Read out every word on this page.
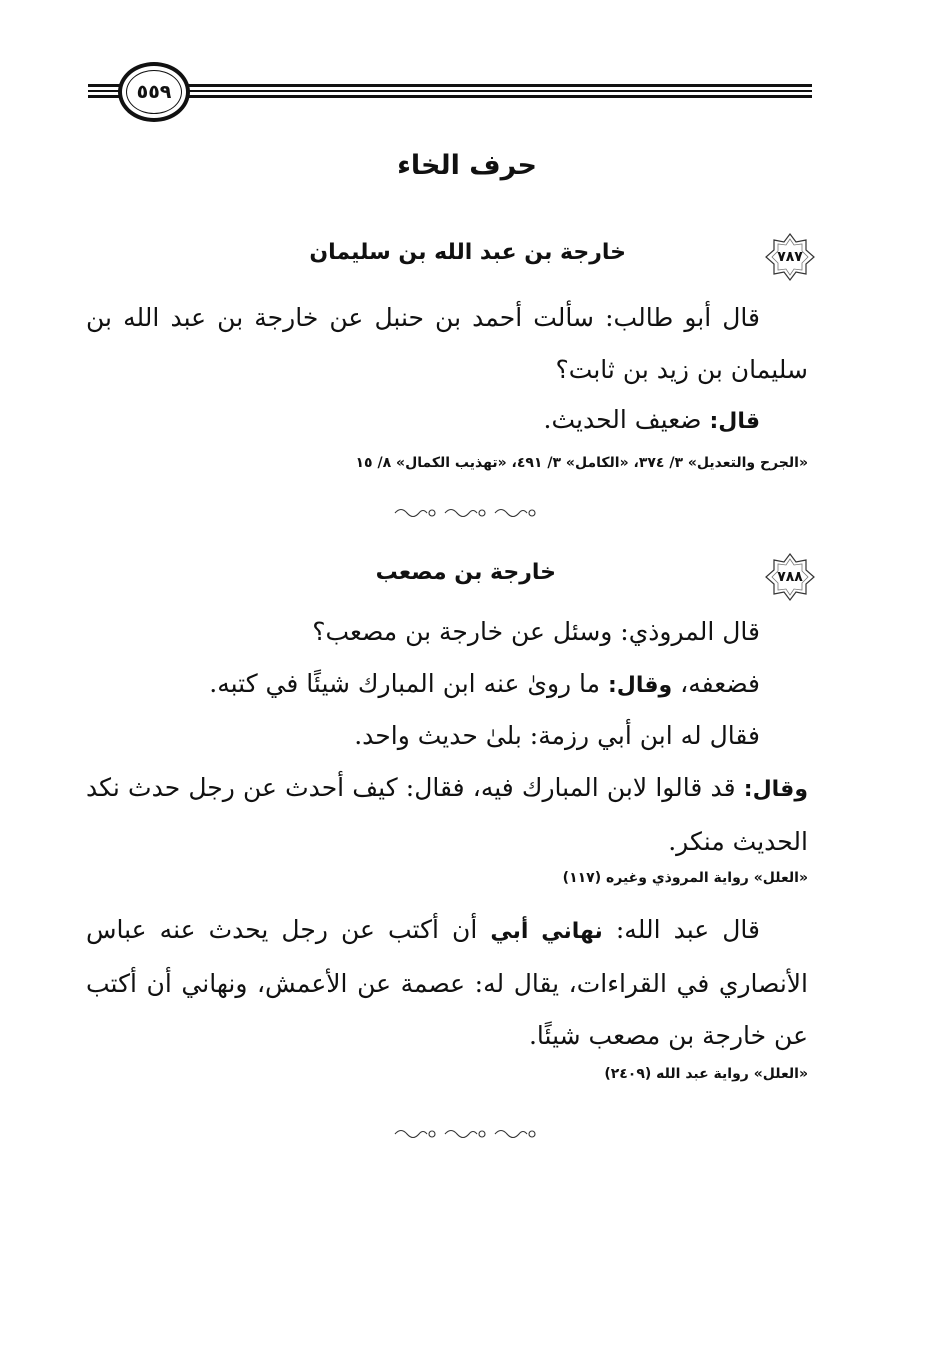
٥٥٩
حرف الخاء
٧٨٧
خارجة بن عبد الله بن سليمان
قال أبو طالب: سألت أحمد بن حنبل عن خارجة بن عبد الله بن سليمان بن زيد بن ثابت؟
قال: ضعيف الحديث.
«الجرح والتعديل» ٣/ ٣٧٤، «الكامل» ٣/ ٤٩١، «تهذيب الكمال» ٨/ ١٥
٧٨٨
خارجة بن مصعب
قال المروذي: وسئل عن خارجة بن مصعب؟
فضعفه، وقال: ما روىٰ عنه ابن المبارك شيئًا في كتبه.
فقال له ابن أبي رزمة: بلىٰ حديث واحد.
وقال: قد قالوا لابن المبارك فيه، فقال: كيف أحدث عن رجل حدث نكد الحديث منكر.
«العلل» رواية المروذي وغيره (١١٧)
قال عبد الله: نهاني أبي أن أكتب عن رجل يحدث عنه عباس الأنصاري في القراءات، يقال له: عصمة عن الأعمش، ونهاني أن أكتب عن خارجة بن مصعب شيئًا.
«العلل» رواية عبد الله (٢٤٠٩)
